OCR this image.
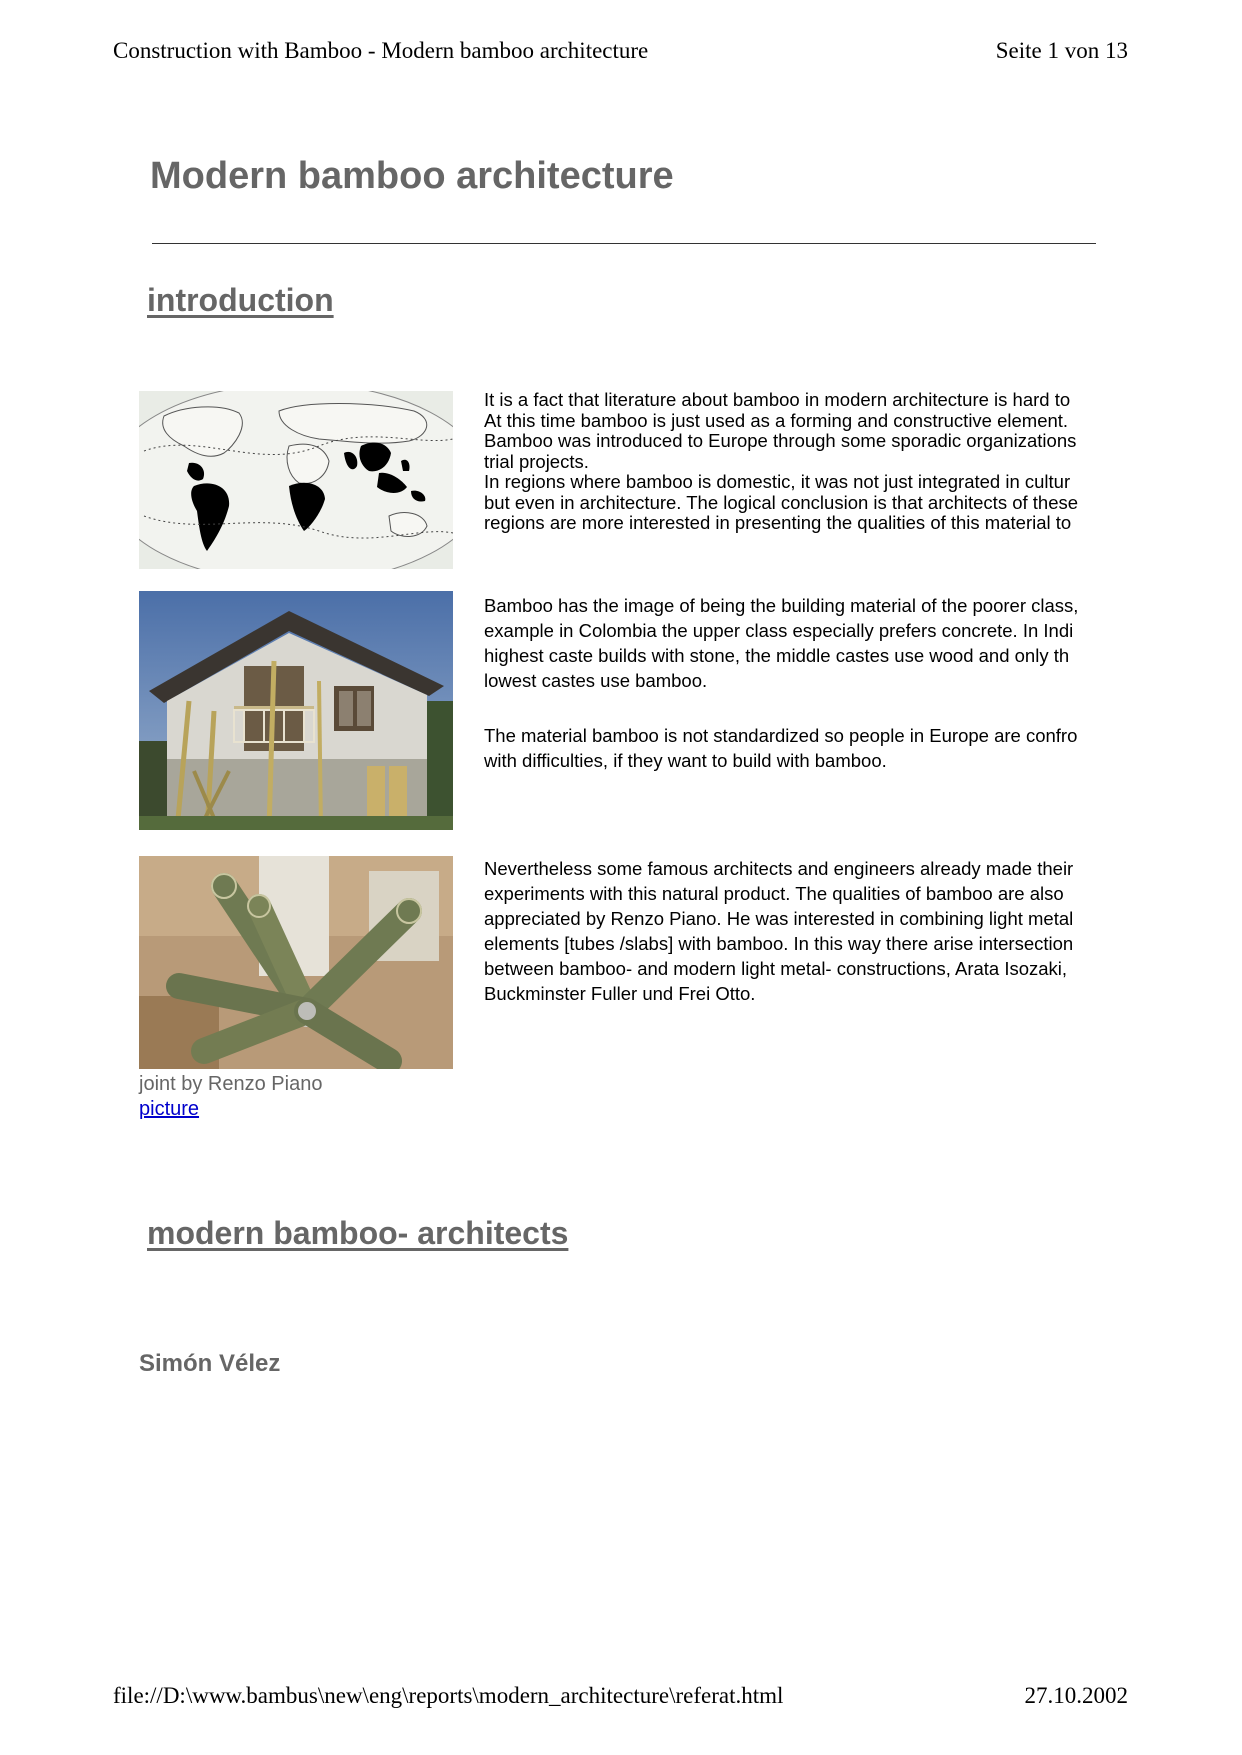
Construction with Bamboo - Modern bamboo architecture	Seite 1 von 13
Modern bamboo architecture
introduction

It is a fact that literature about bamboo in modern architecture is hard to

At this time bamboo is just used as a forming and constructive element.

Bamboo was introduced to Europe through some sporadic organizations

trial projects.

In regions where bamboo is domestic, it was not just integrated in cultur

but even in architecture. The logical conclusion is that architects of these

regions are more interested in presenting the qualities of this material to

Bamboo has the image of being the building material of the poorer class,

example in Colombia the upper class especially prefers concrete. In Indi

highest caste builds with stone, the middle castes use wood and only th

lowest castes use bamboo.

The material bamboo is not standardized so people in Europe are confro

with difficulties, if they want to build with bamboo.

Nevertheless some famous architects and engineers already made their

experiments with this natural product. The qualities of bamboo are also

appreciated by Renzo Piano. He was interested in combining light metal

elements [tubes /slabs] with bamboo. In this way there arise intersection

between bamboo- and modern light metal- constructions, Arata Isozaki,

Buckminster Fuller und Frei Otto.

joint by Renzo Piano
picture
modern bamboo- architects
Simón Vélez
file://D:\www.bambus\new\eng\reports\modern_architecture\referat.html	27.10.2002
